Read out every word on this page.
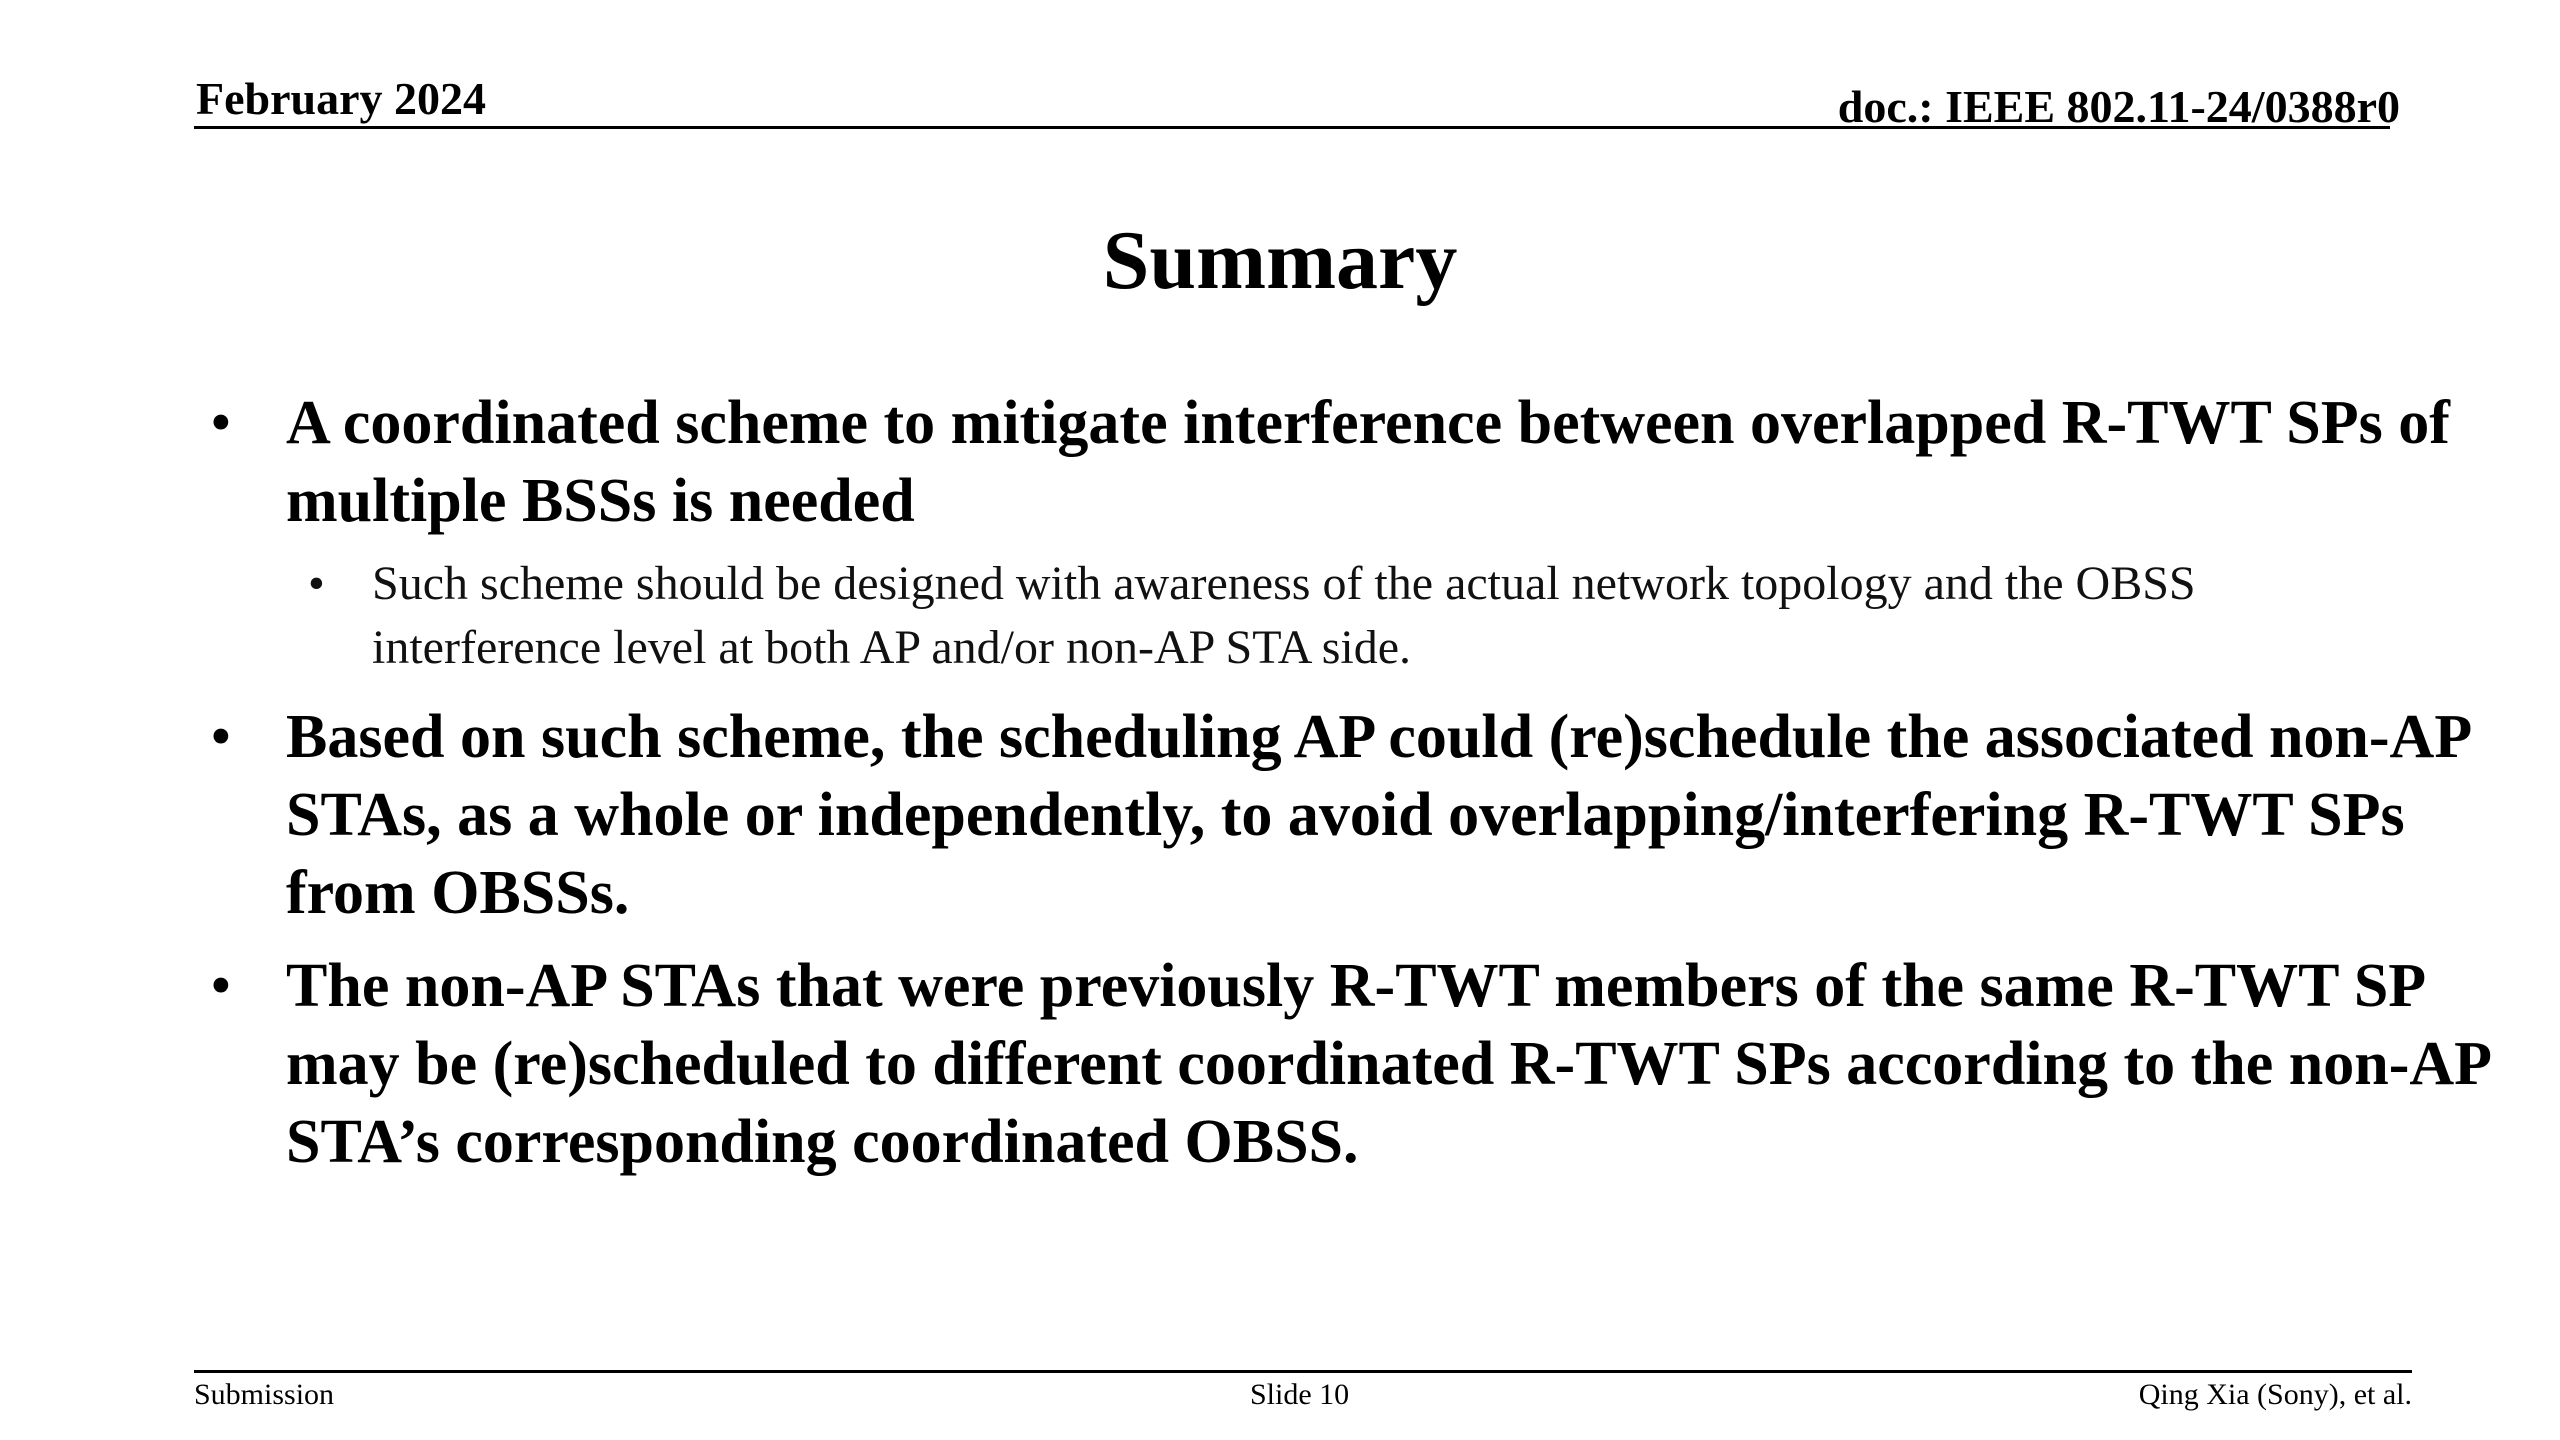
February 2024	doc.: IEEE 802.11-24/0388r0
Summary
• A coordinated scheme to mitigate interference between overlapped R-TWT SPs of multiple BSSs is needed
• Such scheme should be designed with awareness of the actual network topology and the OBSS interference level at both AP and/or non-AP STA side.
• Based on such scheme, the scheduling AP could (re)schedule the associated non-AP STAs, as a whole or independently, to avoid overlapping/interfering R-TWT SPs from OBSSs.
• The non-AP STAs that were previously R-TWT members of the same R-TWT SP may be (re)scheduled to different coordinated R-TWT SPs according to the non-AP STA’s corresponding coordinated OBSS.
Submission	Slide 10	Qing Xia (Sony), et al.
